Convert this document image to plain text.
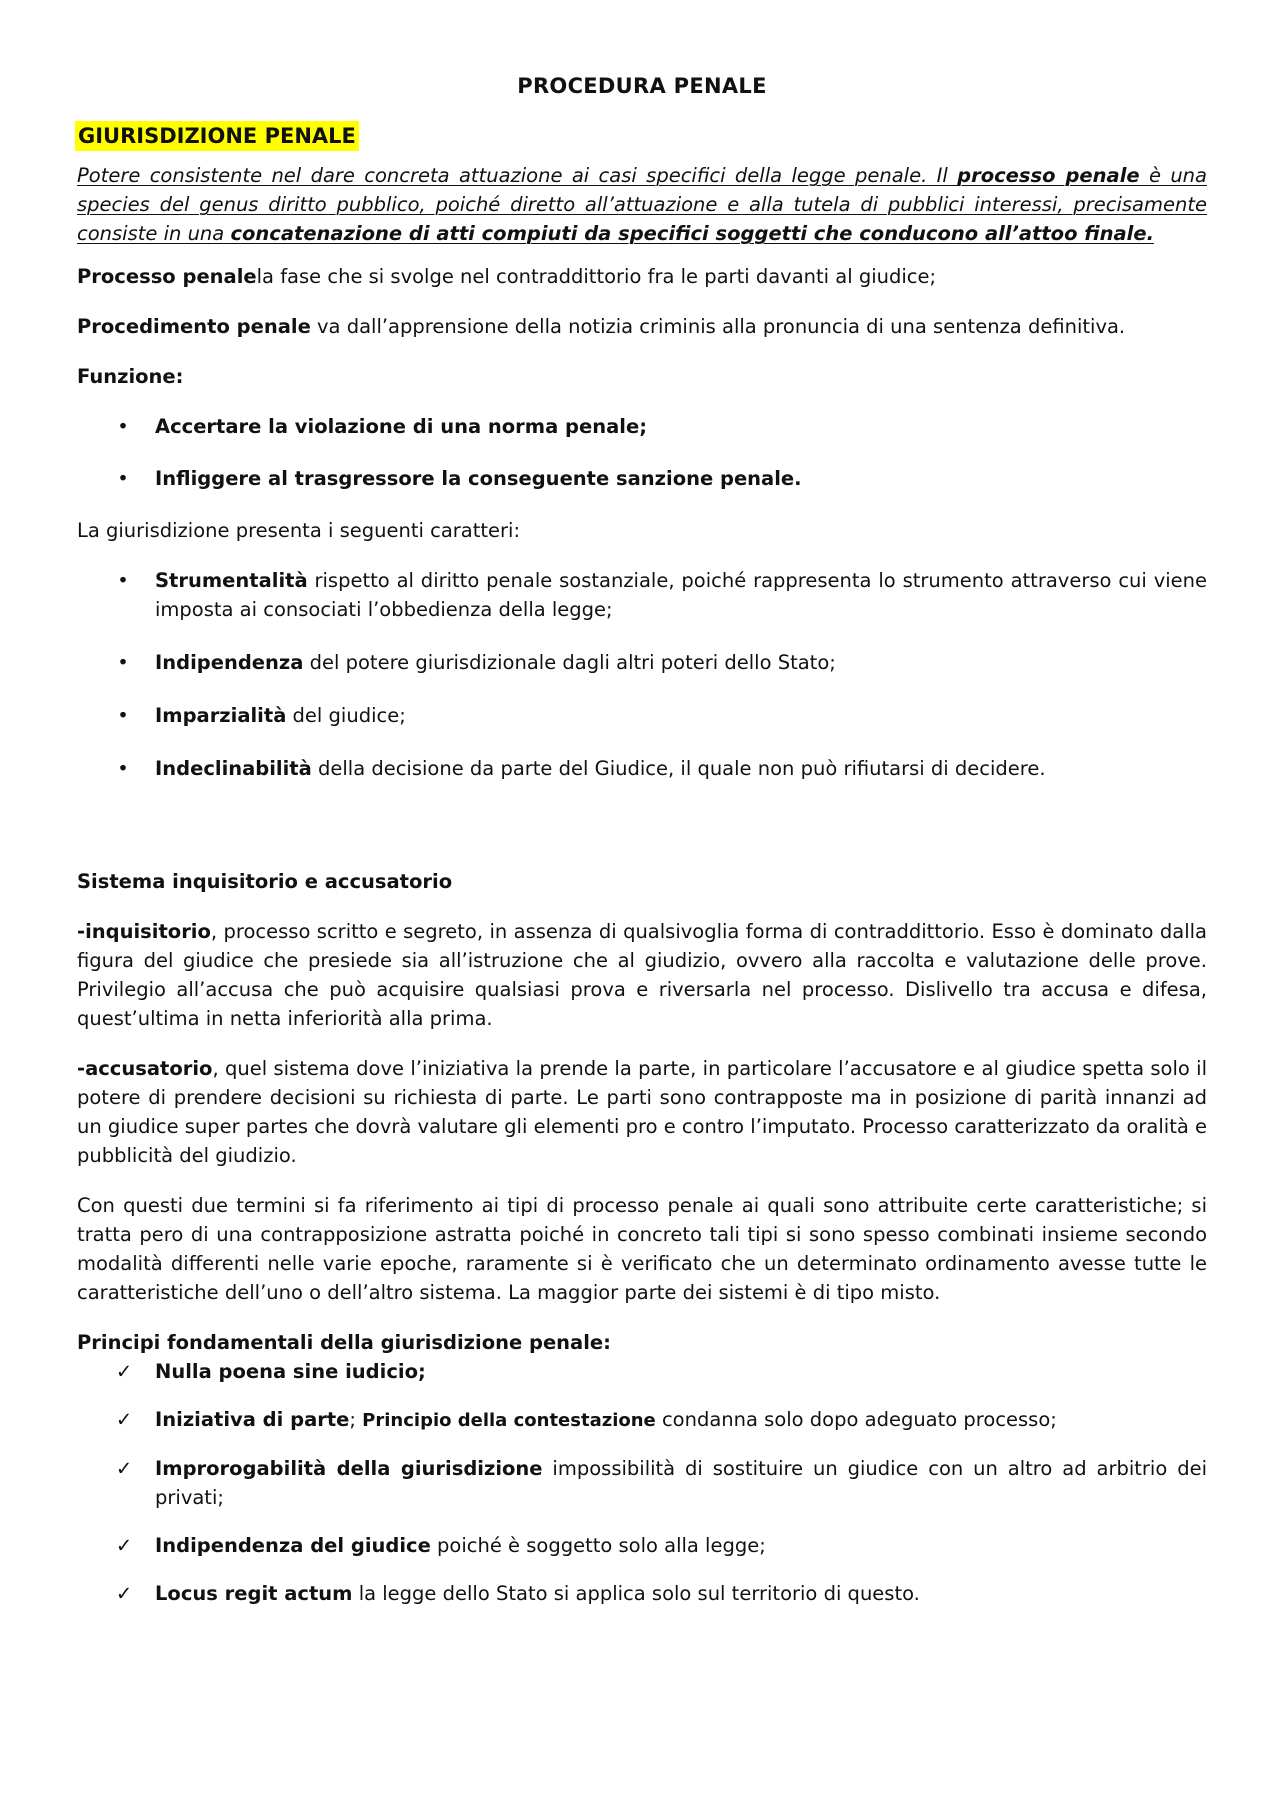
PROCEDURA PENALE
GIURISDIZIONE PENALE

Potere consistente nel dare concreta attuazione ai casi specifici della legge penale. Il processo penale è una species del genus diritto pubblico, poiché diretto all’attuazione e alla tutela di pubblici interessi, precisamente consiste in una concatenazione di atti compiuti da specifici soggetti che conducono all’attoo finale.

Processo penalela fase che si svolge nel contraddittorio fra le parti davanti al giudice;

Procedimento penale va dall’apprensione della notizia criminis alla pronuncia di una sentenza definitiva.

Funzione:

• Accertare la violazione di una norma penale;
• Infliggere al trasgressore la conseguente sanzione penale.

La giurisdizione presenta i seguenti caratteri:

• Strumentalità rispetto al diritto penale sostanziale, poiché rappresenta lo strumento attraverso cui viene imposta ai consociati l’obbedienza della legge;
• Indipendenza del potere giurisdizionale dagli altri poteri dello Stato;
• Imparzialità del giudice;
• Indeclinabilità della decisione da parte del Giudice, il quale non può rifiutarsi di decidere.

Sistema inquisitorio e accusatorio

-inquisitorio, processo scritto e segreto, in assenza di qualsivoglia forma di contraddittorio. Esso è dominato dalla figura del giudice che presiede sia all’istruzione che al giudizio, ovvero alla raccolta e valutazione delle prove. Privilegio all’accusa che può acquisire qualsiasi prova e riversarla nel processo. Dislivello tra accusa e difesa, quest’ultima in netta inferiorità alla prima.

-accusatorio, quel sistema dove l’iniziativa la prende la parte, in particolare l’accusatore e al giudice spetta solo il potere di prendere decisioni su richiesta di parte. Le parti sono contrapposte ma in posizione di parità innanzi ad un giudice super partes che dovrà valutare gli elementi pro e contro l’imputato. Processo caratterizzato da oralità e pubblicità del giudizio.

Con questi due termini si fa riferimento ai tipi di processo penale ai quali sono attribuite certe caratteristiche; si tratta pero di una contrapposizione astratta poiché in concreto tali tipi si sono spesso combinati insieme secondo modalità differenti nelle varie epoche, raramente si è verificato che un determinato ordinamento avesse tutte le caratteristiche dell’uno o dell’altro sistema. La maggior parte dei sistemi è di tipo misto.

Principi fondamentali della giurisdizione penale:

✓ Nulla poena sine iudicio;
✓ Iniziativa di parte; Principio della contestazione condanna solo dopo adeguato processo;
✓ Improrogabilità della giurisdizione impossibilità di sostituire un giudice con un altro ad arbitrio dei privati;
✓ Indipendenza del giudice poiché è soggetto solo alla legge;
✓ Locus regit actum la legge dello Stato si applica solo sul territorio di questo.
